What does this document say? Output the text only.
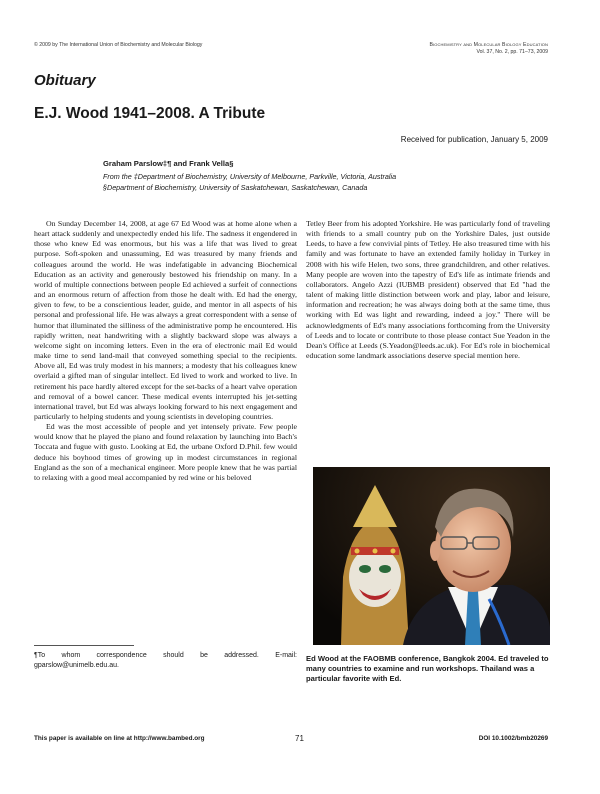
© 2009 by The International Union of Biochemistry and Molecular Biology	Biochemistry and Molecular Biology Education
Vol. 37, No. 2, pp. 71–73, 2009
Obituary
E.J. Wood 1941–2008. A Tribute
Received for publication, January 5, 2009
Graham Parslow‡¶ and Frank Vella§
From the ‡Department of Biochemistry, University of Melbourne, Parkville, Victoria, Australia
§Department of Biochemistry, University of Saskatchewan, Saskatchewan, Canada

On Sunday December 14, 2008, at age 67 Ed Wood was at home alone when a heart attack suddenly and unexpectedly ended his life. The sadness it engendered in those who knew Ed was enormous, but his was a life that was lived to great purpose. Soft-spoken and unassuming, Ed was treasured by many friends and colleagues around the world. He was indefatigable in advancing Biochemical Education as an activity and generously bestowed his friendship on many. In a world of multiple connections between people Ed achieved a surfeit of connections and an enormous return of affection from those he dealt with. Ed had the energy, given to few, to be a conscientious leader, guide, and mentor in all aspects of his personal and professional life. He was always a great correspondent with a sense of humor that illuminated the silliness of the administrative pomp he encountered. His rapidly written, neat handwriting with a slightly backward slope was always a welcome sight on incoming letters. Even in the era of electronic mail Ed would make time to send land-mail that conveyed something special to the recipients. Above all, Ed was truly modest in his manners; a modesty that his colleagues knew overlaid a gifted man of singular intellect. Ed lived to work and worked to live. In retirement his pace hardly altered except for the set-backs of a heart valve operation and removal of a bowel cancer. These medical events interrupted his jet-setting international travel, but Ed was always looking forward to his next engagement and particularly to helping students and young scientists in developing countries.

Ed was the most accessible of people and yet intensely private. Few people would know that he played the piano and found relaxation by launching into Bach's Toccata and fugue with gusto. Looking at Ed, the urbane Oxford D.Phil. few would deduce his boyhood times of growing up in modest circumstances in regional England as the son of a mechanical engineer. More people knew that he was partial to relaxing with a good meal accompanied by red wine or his beloved

Tetley Beer from his adopted Yorkshire. He was particularly fond of traveling with friends to a small country pub on the Yorkshire Dales, just outside Leeds, to have a few convivial pints of Tetley. He also treasured time with his family and was fortunate to have an extended family holiday in Turkey in 2008 with his wife Helen, two sons, three grandchildren, and other relatives. Many people are woven into the tapestry of Ed's life as intimate friends and collaborators. Angelo Azzi (IUBMB president) observed that Ed "had the talent of making little distinction between work and play, labor and leisure, information and recreation; he was always doing both at the same time, thus working with Ed was light and rewarding, indeed a joy." There will be acknowledgments of Ed's many associations forthcoming from the University of Leeds and to locate or contribute to those please contact Sue Yeadon in the Dean's Office at Leeds (S.Yeadon@leeds.ac.uk). For Ed's role in biochemical education some landmark associations deserve special mention here.

Ed Wood at the FAOBMB conference, Bangkok 2004. Ed traveled to many countries to examine and run workshops. Thailand was a particular favorite with Ed.
¶To whom correspondence should be addressed. E-mail: gparslow@unimelb.edu.au.
This paper is available on line at http://www.bambed.org	71	DOI 10.1002/bmb20269
